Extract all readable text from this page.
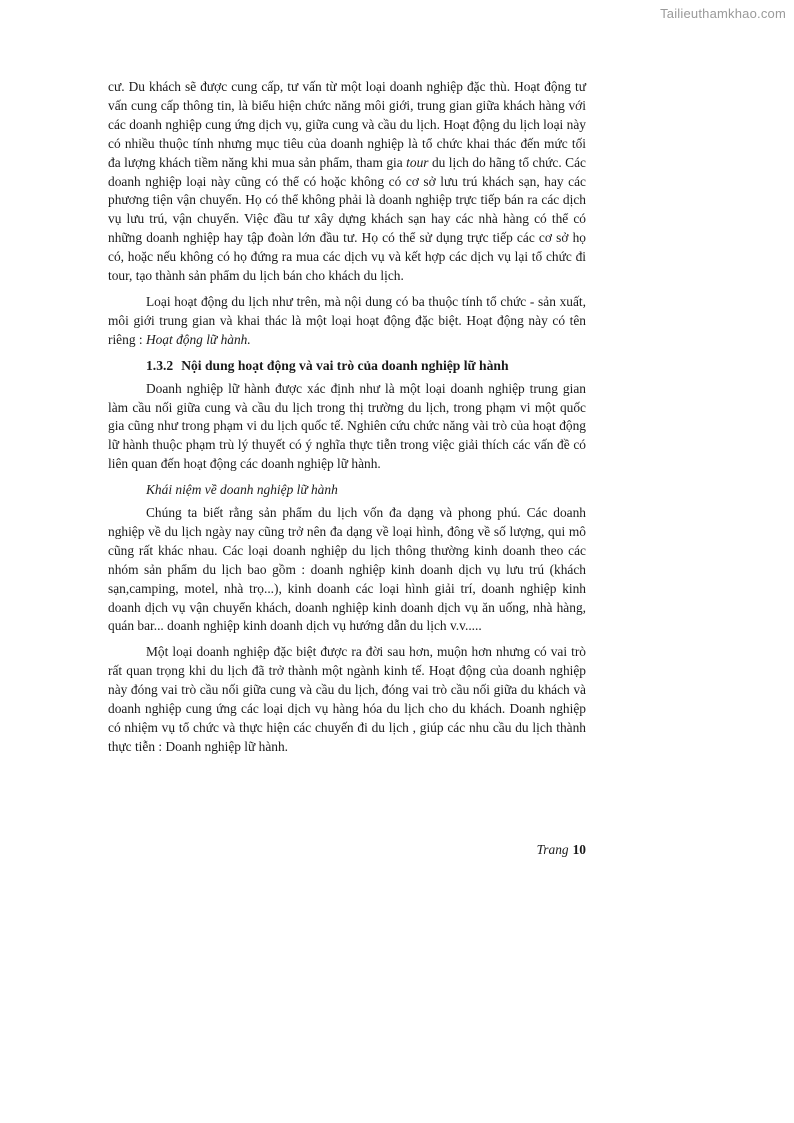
Tailieuthamkhao.com

cư. Du khách sẽ được cung cấp, tư vấn từ một loại doanh nghiệp đặc thù. Hoạt động tư vấn cung cấp thông tin, là biểu hiện chức năng môi giới, trung gian giữa khách hàng với các doanh nghiệp cung ứng dịch vụ, giữa cung và cầu du lịch. Hoạt động du lịch loại này có nhiều thuộc tính nhưng mục tiêu của doanh nghiệp là tổ chức khai thác đến mức tối đa lượng khách tiềm năng khi mua sản phẩm, tham gia tour du lịch do hãng tổ chức. Các doanh nghiệp loại này cũng có thể có hoặc không có cơ sở lưu trú khách sạn, hay các phương tiện vận chuyển. Họ có thể không phải là doanh nghiệp trực tiếp bán ra các dịch vụ lưu trú, vận chuyển. Việc đầu tư xây dựng khách sạn hay các nhà hàng có thể có những doanh nghiệp hay tập đoàn lớn đầu tư. Họ có thể sử dụng trực tiếp các cơ sở họ có, hoặc nếu không có họ đứng ra mua các dịch vụ và kết hợp các dịch vụ lại tổ chức đi tour, tạo thành sản phẩm du lịch bán cho khách du lịch.

Loại hoạt động du lịch như trên, mà nội dung có ba thuộc tính tổ chức - sản xuất, môi giới trung gian và khai thác là một loại hoạt động đặc biệt. Hoạt động này có tên riêng : Hoạt động lữ hành.

1.3.2 Nội dung hoạt động và vai trò của doanh nghiệp lữ hành

Doanh nghiệp lữ hành được xác định như là một loại doanh nghiệp trung gian làm cầu nối giữa cung và cầu du lịch trong thị trường du lịch, trong phạm vi một quốc gia cũng như trong phạm vi du lịch quốc tế. Nghiên cứu chức năng vài trò của hoạt động lữ hành thuộc phạm trù lý thuyết có ý nghĩa thực tiễn trong việc giải thích các vấn đề có liên quan đến hoạt động các doanh nghiệp lữ hành.

Khái niệm về doanh nghiệp lữ hành

Chúng ta biết rằng sản phẩm du lịch vốn đa dạng và phong phú. Các doanh nghiệp về du lịch ngày nay cũng trở nên đa dạng về loại hình, đông về số lượng, qui mô cũng rất khác nhau. Các loại doanh nghiệp du lịch thông thường kinh doanh theo các nhóm sản phẩm du lịch bao gồm : doanh nghiệp kinh doanh dịch vụ lưu trú (khách sạn,camping, motel, nhà trọ...), kinh doanh các loại hình giải trí, doanh nghiệp kinh doanh dịch vụ vận chuyển khách, doanh nghiệp kinh doanh dịch vụ ăn uống, nhà hàng, quán bar... doanh nghiệp kinh doanh dịch vụ hướng dẫn du lịch v.v.....

Một loại doanh nghiệp đặc biệt được ra đời sau hơn, muộn hơn nhưng có vai trò rất quan trọng khi du lịch đã trở thành một ngành kinh tế. Hoạt động của doanh nghiệp này đóng vai trò cầu nối giữa cung và cầu du lịch, đóng vai trò cầu nối giữa du khách và doanh nghiệp cung ứng các loại dịch vụ hàng hóa du lịch cho du khách. Doanh nghiệp có nhiệm vụ tổ chức và thực hiện các chuyến đi du lịch , giúp các nhu cầu du lịch thành thực tiễn : Doanh nghiệp lữ hành.

Trang 10
